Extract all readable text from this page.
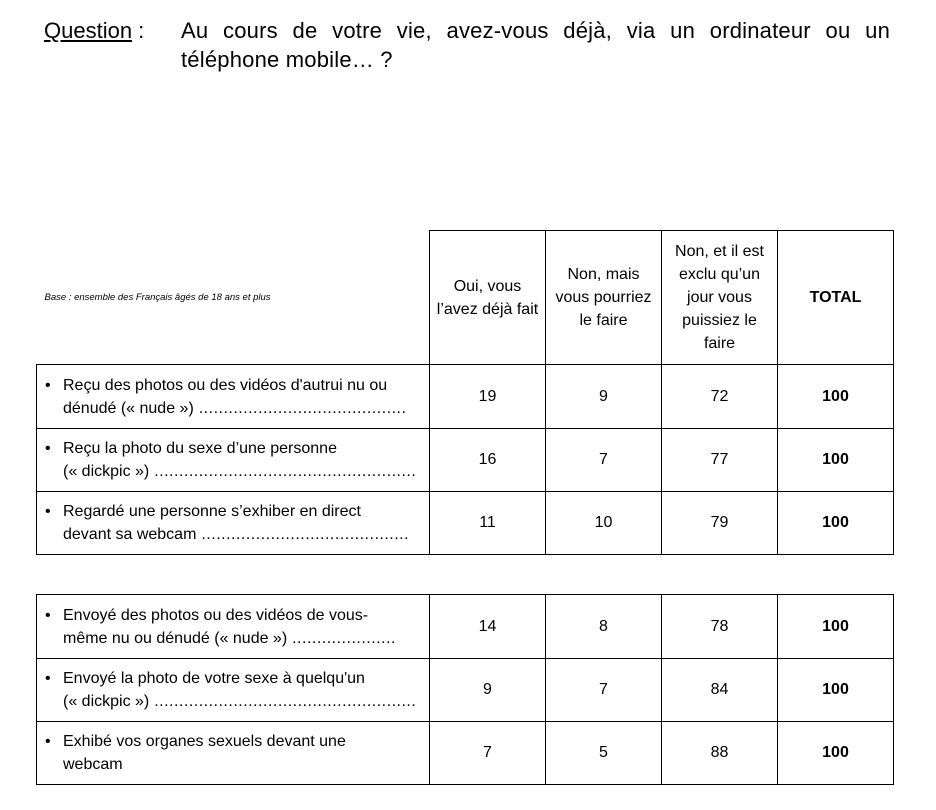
Question :	Au cours de votre vie, avez-vous déjà, via un ordinateur ou un téléphone mobile… ?
Base : ensemble des Français âgés de 18 ans et plus	Oui, vous l’avez déjà fait	Non, mais vous pourriez le faire	Non, et il est exclu qu’un jour vous puissiez le faire	TOTAL

• Reçu des photos ou des vidéos d'autrui nu ou
dénudé (« nude ») ..........................................	19	9	72	100

• Reçu la photo du sexe d’une personne
(« dickpic ») .....................................................	16	7	77	100

• Regardé une personne s’exhiber en direct
devant sa webcam ..........................................	11	10	79	100
• Envoyé des photos ou des vidéos de vous-
même nu ou dénudé (« nude ») .....................	14	8	78	100

• Envoyé la photo de votre sexe à quelqu'un
(« dickpic ») .....................................................	9	7	84	100

• Exhibé vos organes sexuels devant une
webcam	7	5	88	100
